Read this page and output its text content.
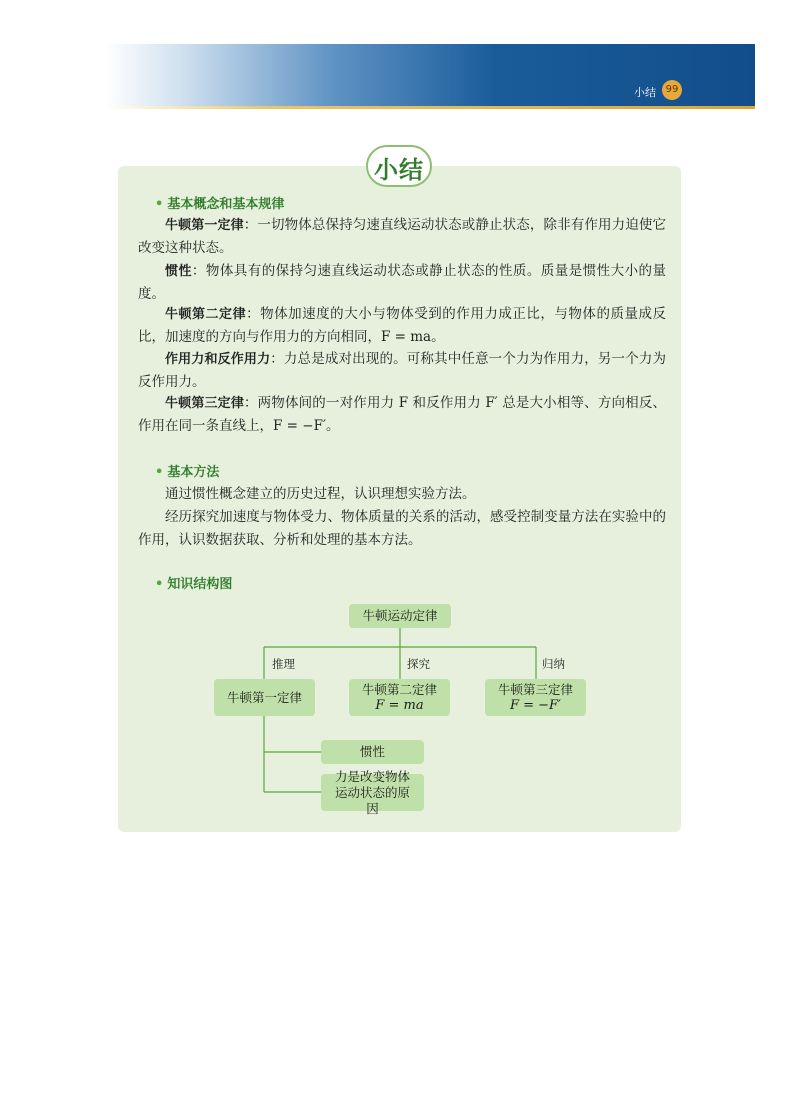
小结 99
小结
• 基本概念和基本规律

牛顿第一定律：一切物体总保持匀速直线运动状态或静止状态，除非有作用力迫使它改变这种状态。

惯性：物体具有的保持匀速直线运动状态或静止状态的性质。质量是惯性大小的量度。

牛顿第二定律：物体加速度的大小与物体受到的作用力成正比，与物体的质量成反比，加速度的方向与作用力的方向相同，F = ma。

作用力和反作用力：力总是成对出现的。可称其中任意一个力为作用力，另一个力为反作用力。

牛顿第三定律：两物体间的一对作用力 F 和反作用力 F′ 总是大小相等、方向相反、作用在同一条直线上，F = −F′。

• 基本方法

通过惯性概念建立的历史过程，认识理想实验方法。

经历探究加速度与物体受力、物体质量的关系的活动，感受控制变量方法在实验中的作用，认识数据获取、分析和处理的基本方法。

• 知识结构图
牛顿运动定律
推理	探究	归纳
牛顿第一定律
牛顿第二定律
F = ma
牛顿第三定律
F = −F′
惯性
力是改变物体运动状态的原因
